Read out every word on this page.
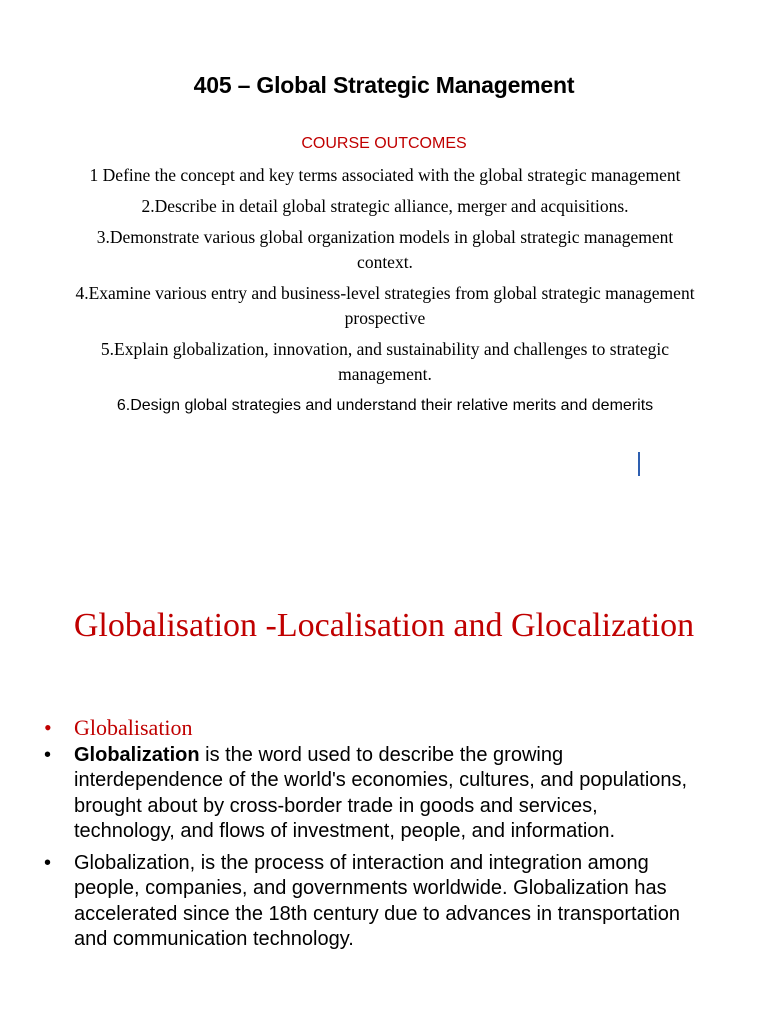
405 – Global Strategic Management
COURSE OUTCOMES
1 Define the concept and key terms associated with the global strategic management
2.Describe in detail global strategic alliance, merger and acquisitions.
3.Demonstrate various global organization models in global strategic management context.
4.Examine various entry and business-level strategies from global strategic management prospective
5.Explain globalization, innovation, and sustainability and challenges to strategic management.
6.Design global strategies and understand their relative merits and demerits
Globalisation -Localisation and Glocalization
• Globalisation
• Globalization is the word used to describe the growing interdependence of the world's economies, cultures, and populations, brought about by cross-border trade in goods and services, technology, and flows of investment, people, and information.
• Globalization, is the process of interaction and integration among people, companies, and governments worldwide. Globalization has accelerated since the 18th century due to advances in transportation and communication technology.
